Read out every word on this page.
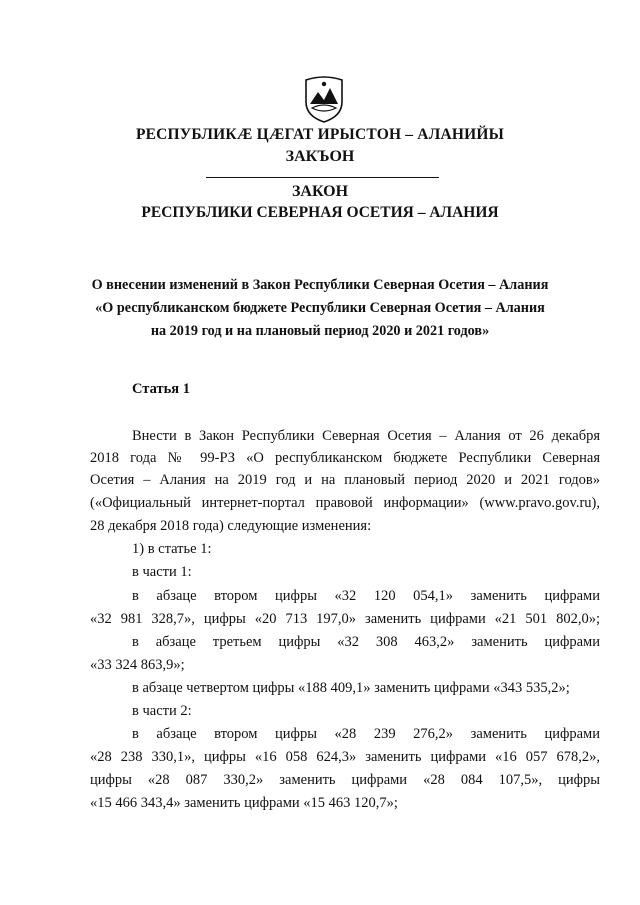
РЕСПУБЛИКӔ ЦӔГАТ ИРЫСТОН – АЛАНИЙЫ
ЗАКЪОН
ЗАКОН
РЕСПУБЛИКИ СЕВЕРНАЯ ОСЕТИЯ – АЛАНИЯ
О внесении изменений в Закон Республики Северная Осетия – Алания
«О республиканском бюджете Республики Северная Осетия – Алания
на 2019 год и на плановый период 2020 и 2021 годов»
Статья 1
Внести в Закон Республики Северная Осетия – Алания от 26 декабря
2018 года № 99-РЗ «О республиканском бюджете Республики Северная
Осетия – Алания на 2019 год и на плановый период 2020 и 2021 годов»
(«Официальный интернет-портал правовой информации» (www.pravo.gov.ru),
28 декабря 2018 года) следующие изменения:
1) в статье 1:
в части 1:
в абзаце втором цифры «32 120 054,1» заменить цифрами
«32 981 328,7», цифры «20 713 197,0» заменить цифрами «21 501 802,0»;
в абзаце третьем цифры «32 308 463,2» заменить цифрами
«33 324 863,9»;
в абзаце четвертом цифры «188 409,1» заменить цифрами «343 535,2»;
в части 2:
в абзаце втором цифры «28 239 276,2» заменить цифрами
«28 238 330,1», цифры «16 058 624,3» заменить цифрами «16 057 678,2»,
цифры «28 087 330,2» заменить цифрами «28 084 107,5», цифры
«15 466 343,4» заменить цифрами «15 463 120,7»;
